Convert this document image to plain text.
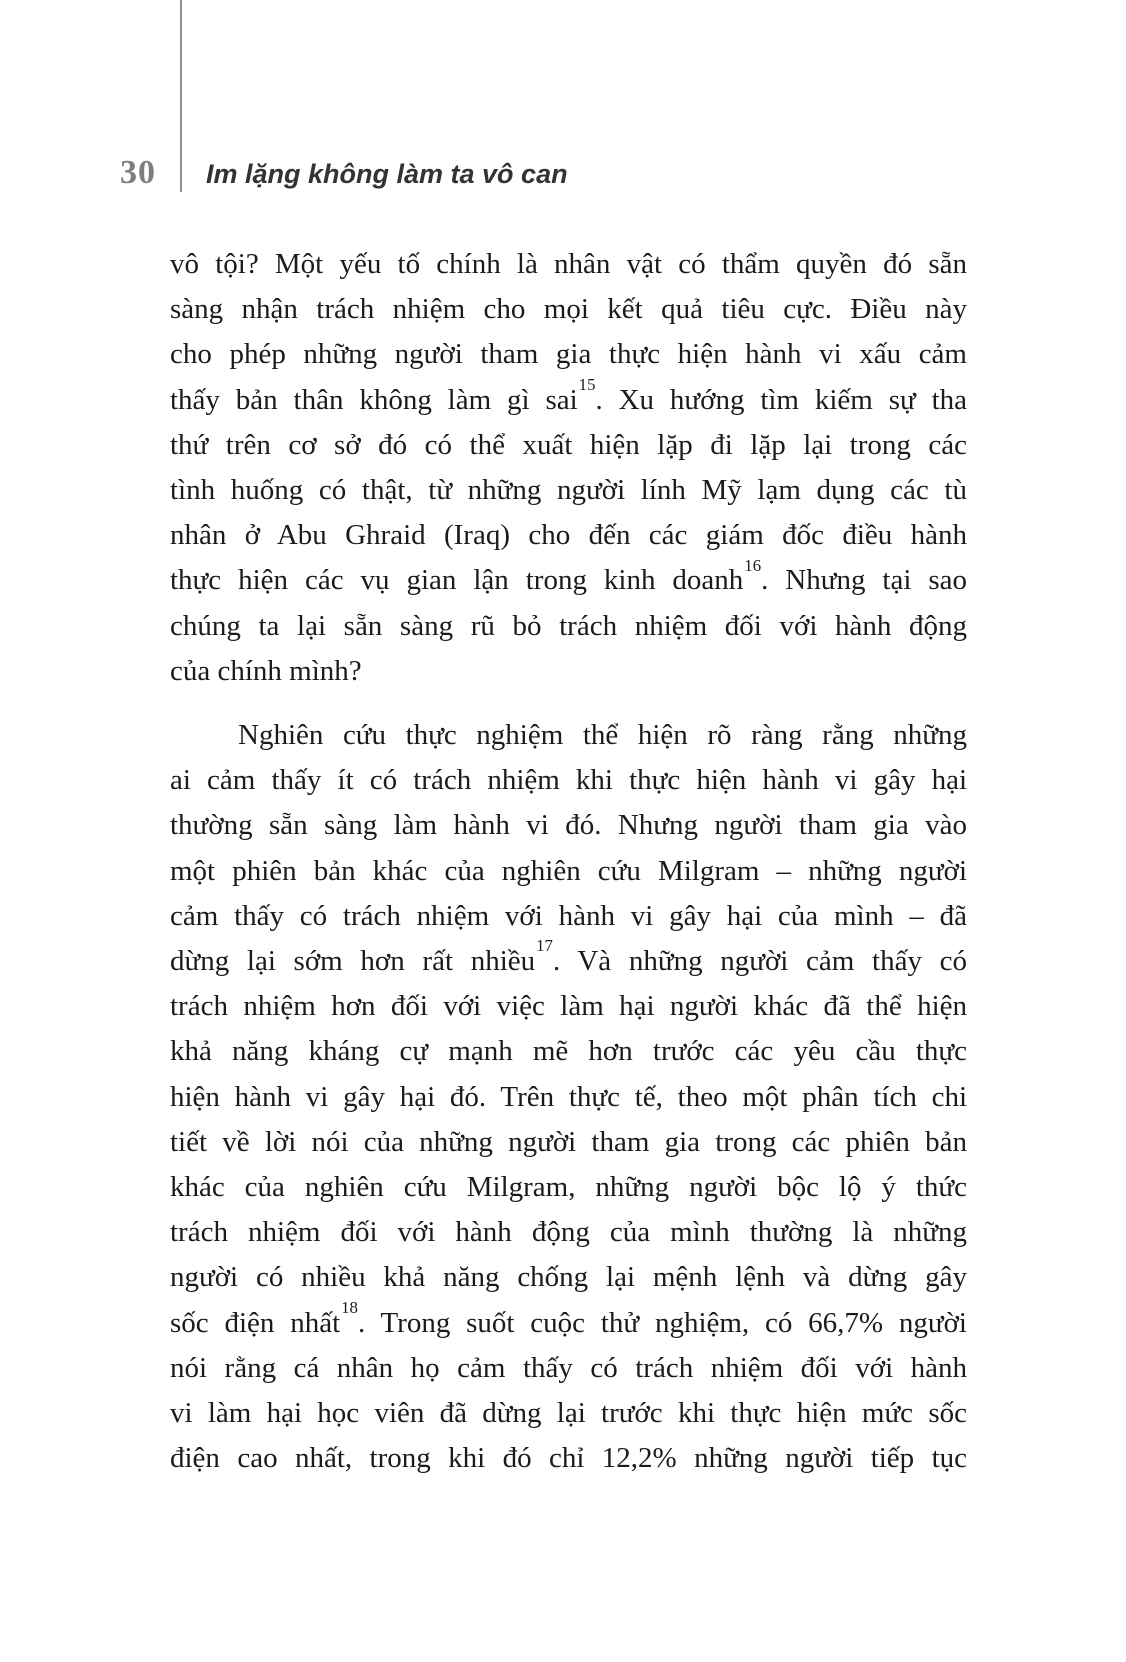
30 Im lặng không làm ta vô can
vô tội? Một yếu tố chính là nhân vật có thẩm quyền đó sẵn
sàng nhận trách nhiệm cho mọi kết quả tiêu cực. Điều này
cho phép những người tham gia thực hiện hành vi xấu cảm
thấy bản thân không làm gì sai$^{15}$. Xu hướng tìm kiếm sự tha
thứ trên cơ sở đó có thể xuất hiện lặp đi lặp lại trong các
tình huống có thật, từ những người lính Mỹ lạm dụng các tù
nhân ở Abu Ghraid (Iraq) cho đến các giám đốc điều hành
thực hiện các vụ gian lận trong kinh doanh$^{16}$. Nhưng tại sao
chúng ta lại sẵn sàng rũ bỏ trách nhiệm đối với hành động
của chính mình?
Nghiên cứu thực nghiệm thể hiện rõ ràng rằng những
ai cảm thấy ít có trách nhiệm khi thực hiện hành vi gây hại
thường sẵn sàng làm hành vi đó. Nhưng người tham gia vào
một phiên bản khác của nghiên cứu Milgram – những người
cảm thấy có trách nhiệm với hành vi gây hại của mình – đã
dừng lại sớm hơn rất nhiều$^{17}$. Và những người cảm thấy có
trách nhiệm hơn đối với việc làm hại người khác đã thể hiện
khả năng kháng cự mạnh mẽ hơn trước các yêu cầu thực
hiện hành vi gây hại đó. Trên thực tế, theo một phân tích chi
tiết về lời nói của những người tham gia trong các phiên bản
khác của nghiên cứu Milgram, những người bộc lộ ý thức
trách nhiệm đối với hành động của mình thường là những
người có nhiều khả năng chống lại mệnh lệnh và dừng gây
sốc điện nhất$^{18}$. Trong suốt cuộc thử nghiệm, có 66,7% người
nói rằng cá nhân họ cảm thấy có trách nhiệm đối với hành
vi làm hại học viên đã dừng lại trước khi thực hiện mức sốc
điện cao nhất, trong khi đó chỉ 12,2% những người tiếp tục
